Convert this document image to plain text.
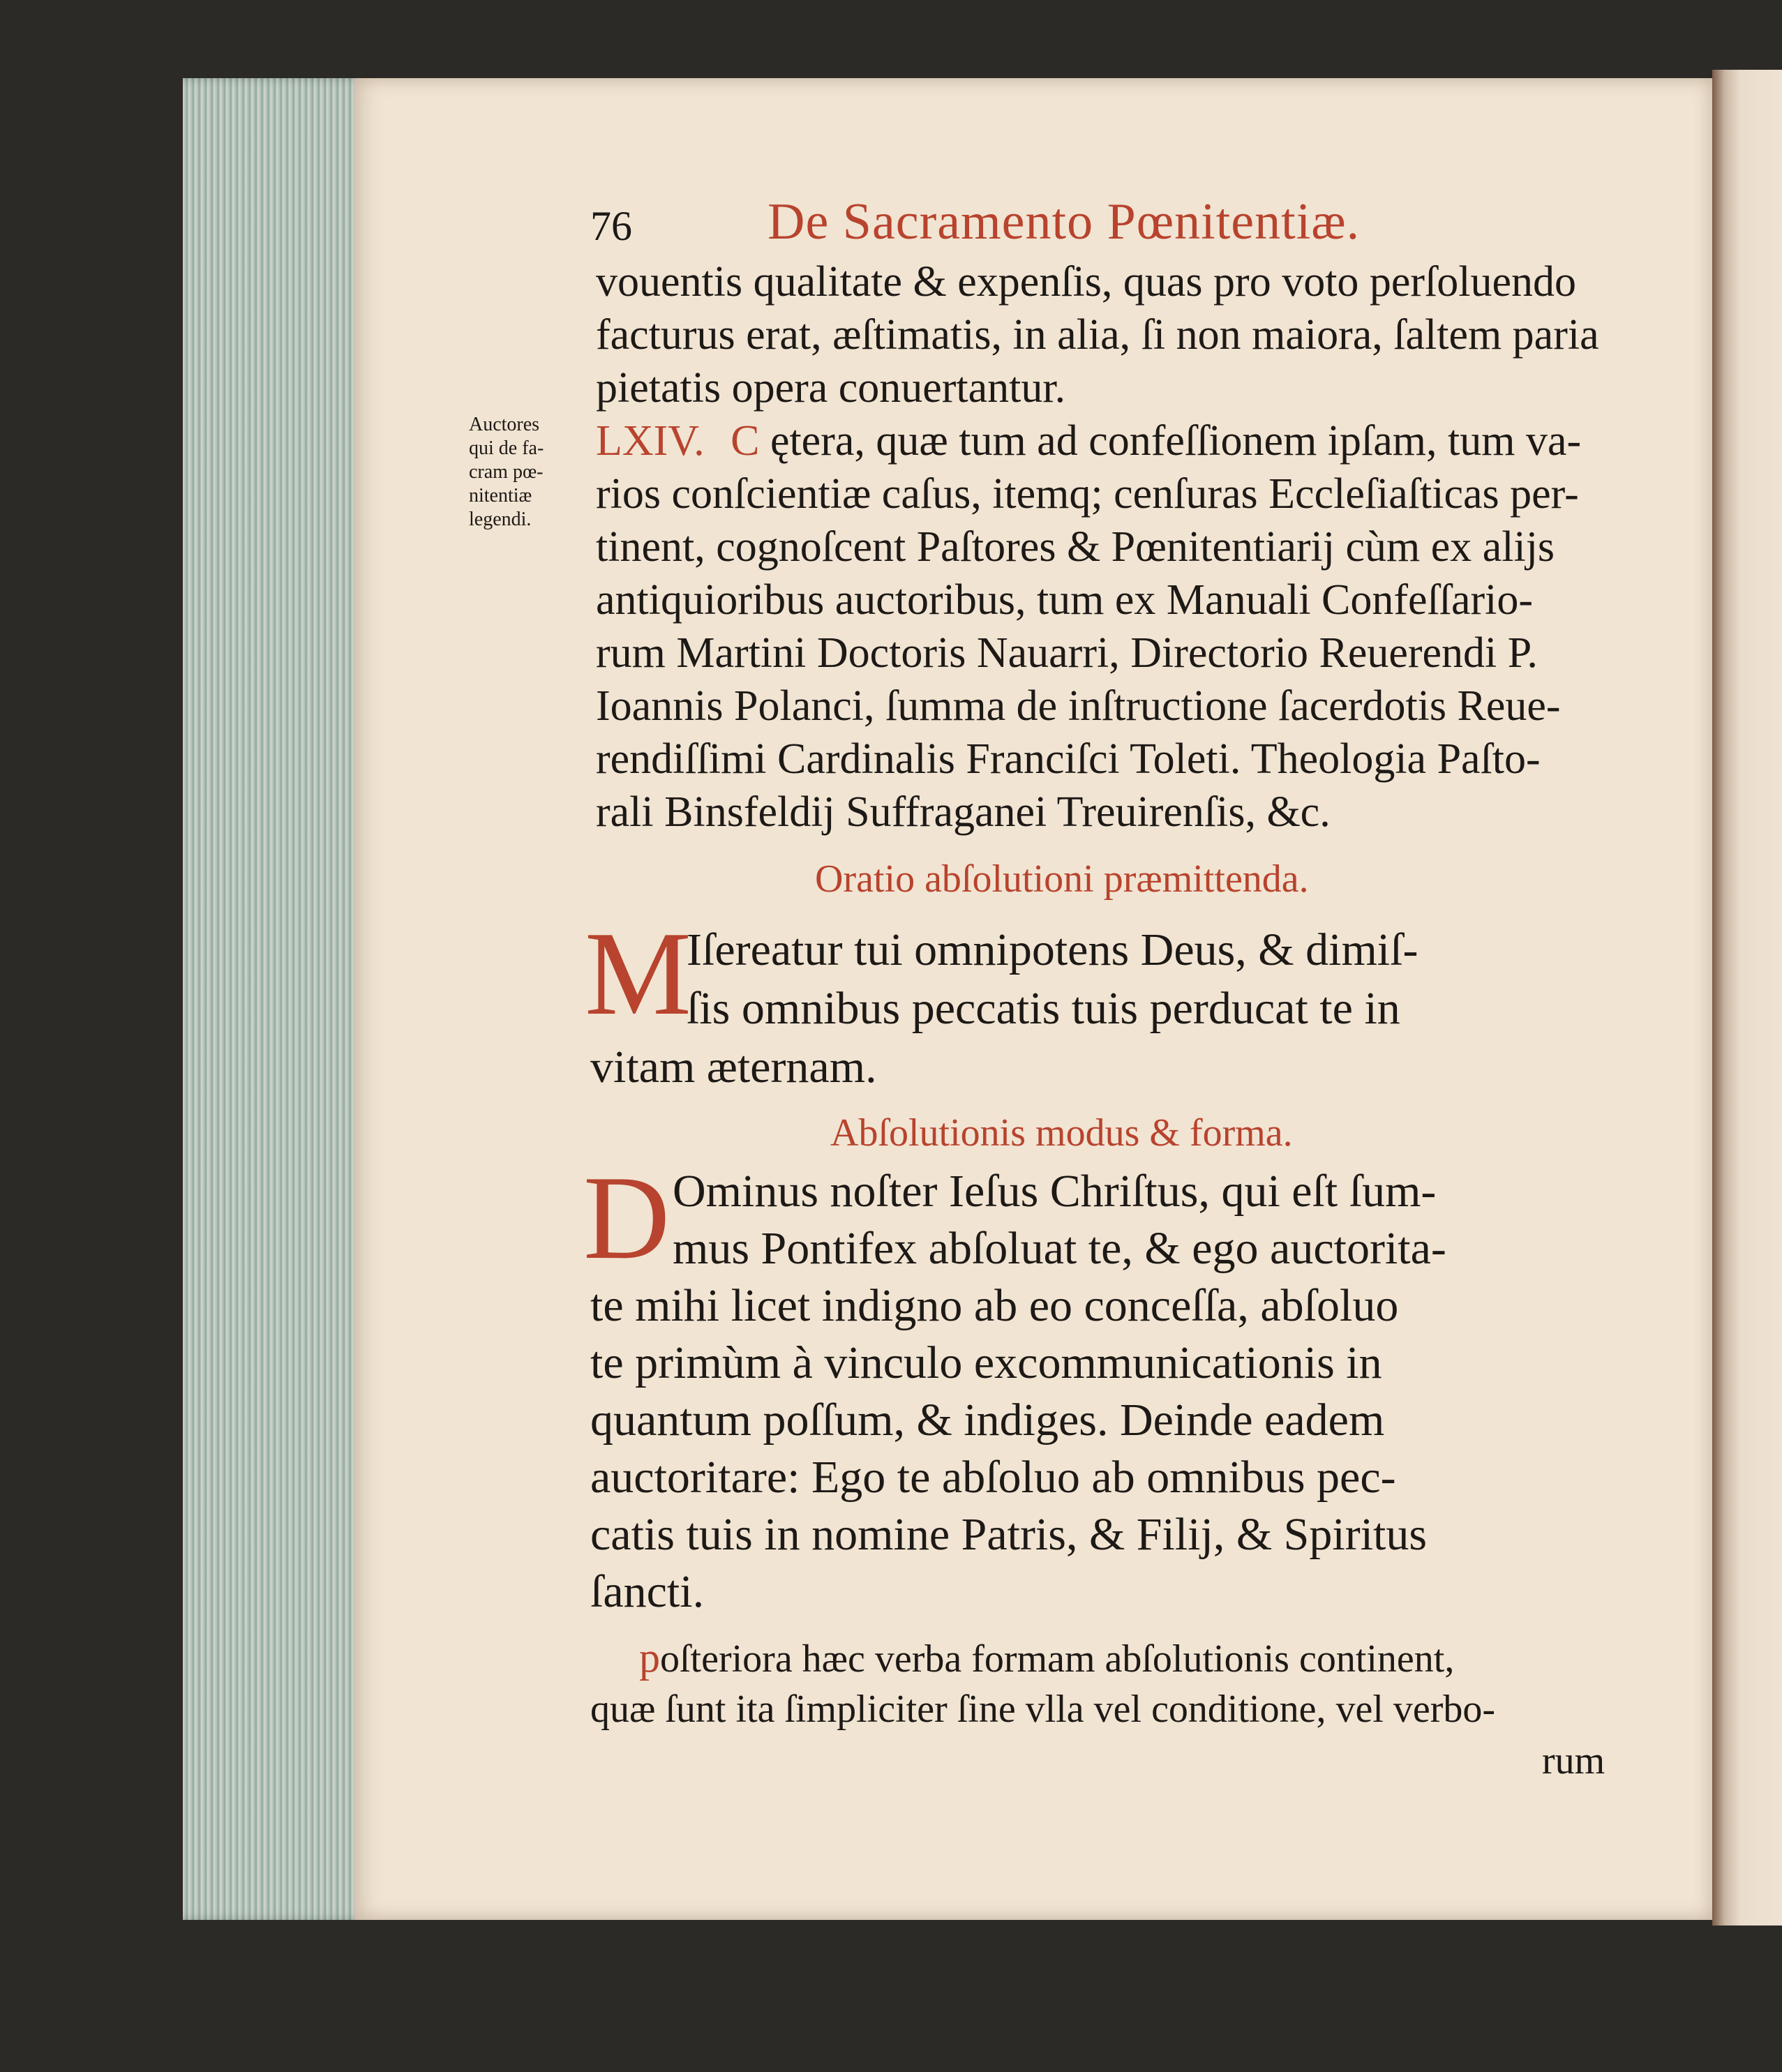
76	De Sacramento Pœnitentiæ.
Auctores
qui de fa-
cram pœ-
nitentiæ
legendi.
vouentis qualitate & expenſis, quas pro voto perſoluendo
facturus erat, æſtimatis, in alia, ſi non maiora, ſaltem paria
pietatis opera conuertantur.
LXIV. C ętera, quæ tum ad confeſſionem ipſam, tum va-
rios conſcientiæ caſus, itemq; cenſuras Eccleſiaſticas per-
tinent, cognoſcent Paſtores & Pœnitentiarij cùm ex alijs
antiquioribus auctoribus, tum ex Manuali Confeſſario-
rum Martini Doctoris Nauarri, Directorio Reuerendi P.
Ioannis Polanci, ſumma de inſtructione ſacerdotis Reue-
rendiſſimi Cardinalis Franciſci Toleti. Theologia Paſto-
rali Binsfeldij Suffraganei Treuirenſis, &c.
Oratio abſolutioni præmittenda.
M
Iſereatur tui omnipotens Deus, & dimiſ-
ſis omnibus peccatis tuis perducat te in
vitam æternam.
Abſolutionis modus & forma.
D Ominus noſter Ieſus Chriſtus, qui eſt ſum-
mus Pontifex abſoluat te, & ego auctorita-
te mihi licet indigno ab eo conceſſa, abſoluo
te primùm à vinculo excommunicationis in
quantum poſſum, & indiges. Deinde eadem
auctoritare: Ego te abſoluo ab omnibus pec-
catis tuis in nomine Patris, & Filij, & Spiritus
ſancti.
poſteriora hæc verba formam abſolutionis continent,
quæ ſunt ita ſimpliciter ſine vlla vel conditione, vel verbo-
rum
